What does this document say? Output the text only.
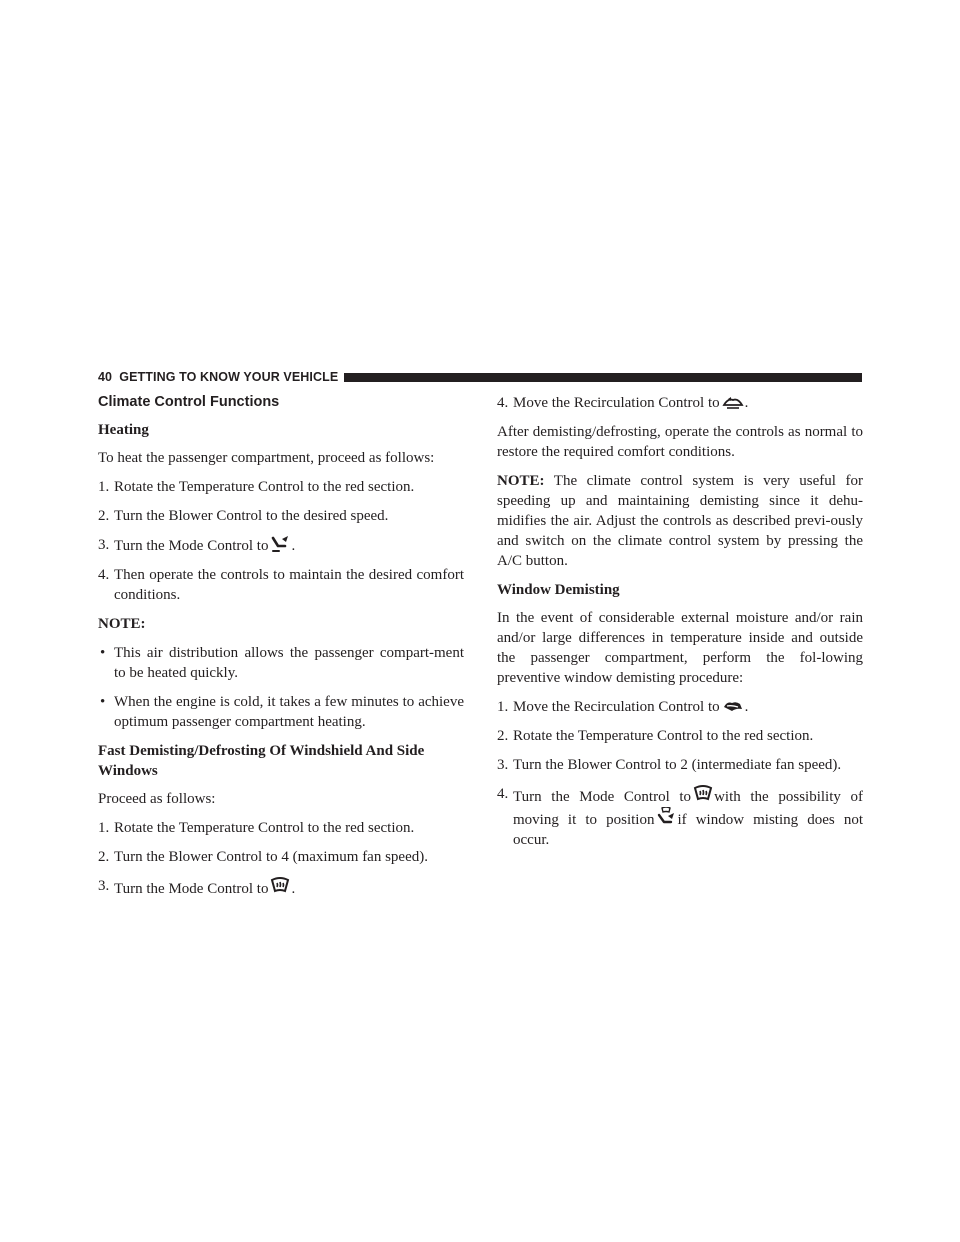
40 GETTING TO KNOW YOUR VEHICLE
Climate Control Functions
Heating

To heat the passenger compartment, proceed as follows:

1. Rotate the Temperature Control to the red section.
2. Turn the Blower Control to the desired speed.
3. Turn the Mode Control to .
4. Then operate the controls to maintain the desired comfort conditions.

NOTE:

• This air distribution allows the passenger compart-ment to be heated quickly.
• When the engine is cold, it takes a few minutes to achieve optimum passenger compartment heating.
Fast Demisting/Defrosting Of Windshield And Side Windows

Proceed as follows:

1. Rotate the Temperature Control to the red section.
2. Turn the Blower Control to 4 (maximum fan speed).
3. Turn the Mode Control to .
4. Move the Recirculation Control to .

After demisting/defrosting, operate the controls as normal to restore the required comfort conditions.

NOTE: The climate control system is very useful for speeding up and maintaining demisting since it dehu-midifies the air. Adjust the controls as described previ-ously and switch on the climate control system by pressing the A/C button.

Window Demisting

In the event of considerable external moisture and/or rain and/or large differences in temperature inside and outside the passenger compartment, perform the fol-lowing preventive window demisting procedure:

1. Move the Recirculation Control to .
2. Rotate the Temperature Control to the red section.
3. Turn the Blower Control to 2 (intermediate fan speed).
4. Turn the Mode Control to with the possibility of moving it to position if window misting does not occur.
